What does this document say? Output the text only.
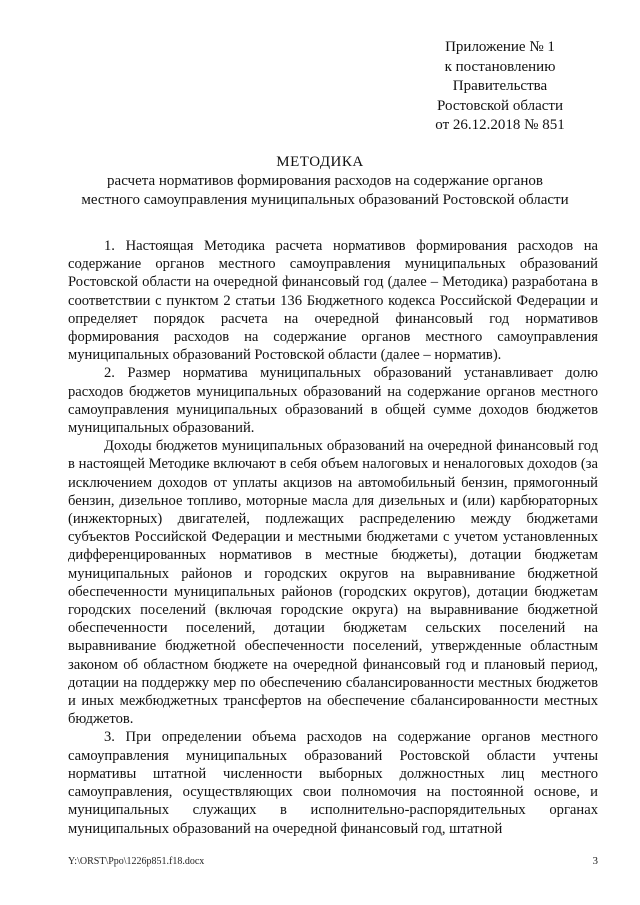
Приложение № 1
к постановлению
Правительства
Ростовской области
от 26.12.2018 № 851
МЕТОДИКА
расчета нормативов формирования расходов на содержание органов
местного самоуправления муниципальных образований Ростовской области

1. Настоящая Методика расчета нормативов формирования расходов на содержание органов местного самоуправления муниципальных образований Ростовской области на очередной финансовый год (далее – Методика) разработана в соответствии с пунктом 2 статьи 136 Бюджетного кодекса Российской Федерации и определяет порядок расчета на очередной финансовый год нормативов формирования расходов на содержание органов местного самоуправления муниципальных образований Ростовской области (далее – норматив).

2. Размер норматива муниципальных образований устанавливает долю расходов бюджетов муниципальных образований на содержание органов местного самоуправления муниципальных образований в общей сумме доходов бюджетов муниципальных образований.

Доходы бюджетов муниципальных образований на очередной финансовый год в настоящей Методике включают в себя объем налоговых и неналоговых доходов (за исключением доходов от уплаты акцизов на автомобильный бензин, прямогонный бензин, дизельное топливо, моторные масла для дизельных и (или) карбюраторных (инжекторных) двигателей, подлежащих распределению между бюджетами субъектов Российской Федерации и местными бюджетами с учетом установленных дифференцированных нормативов в местные бюджеты), дотации бюджетам муниципальных районов и городских округов на выравнивание бюджетной обеспеченности муниципальных районов (городских округов), дотации бюджетам городских поселений (включая городские округа) на выравнивание бюджетной обеспеченности поселений, дотации бюджетам сельских поселений на выравнивание бюджетной обеспеченности поселений, утвержденные областным законом об областном бюджете на очередной финансовый год и плановый период, дотации на поддержку мер по обеспечению сбалансированности местных бюджетов и иных межбюджетных трансфертов на обеспечение сбалансированности местных бюджетов.

3. При определении объема расходов на содержание органов местного самоуправления муниципальных образований Ростовской области учтены нормативы штатной численности выборных должностных лиц местного самоуправления, осуществляющих свои полномочия на постоянной основе, и муниципальных служащих в исполнительно-распорядительных органах муниципальных образований на очередной финансовый год, штатной

Y:\ORST\Ppo\1226p851.f18.docx	3
